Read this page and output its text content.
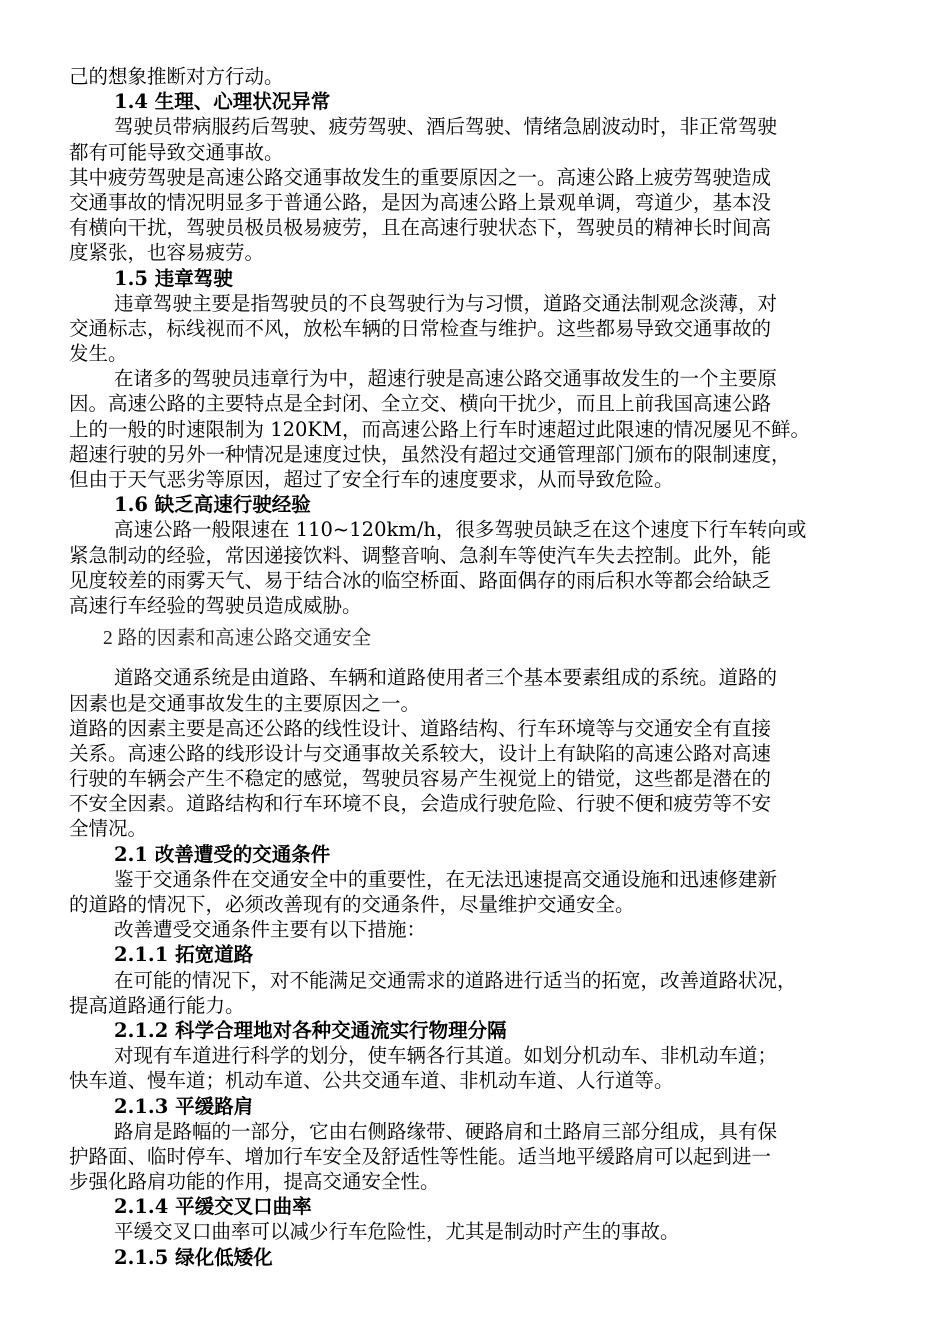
己的想象推断对方行动。
1.4 生理、心理状况异常
驾驶员带病服药后驾驶、疲劳驾驶、酒后驾驶、情绪急剧波动时，非正常驾驶
都有可能导致交通事故。
其中疲劳驾驶是高速公路交通事故发生的重要原因之一。高速公路上疲劳驾驶造成
交通事故的情况明显多于普通公路，是因为高速公路上景观单调，弯道少，基本没
有横向干扰，驾驶员极员极易疲劳，且在高速行驶状态下，驾驶员的精神长时间高
度紧张，也容易疲劳。
1.5 违章驾驶
违章驾驶主要是指驾驶员的不良驾驶行为与习惯，道路交通法制观念淡薄，对
交通标志，标线视而不风，放松车辆的日常检查与维护。这些都易导致交通事故的
发生。
在诸多的驾驶员违章行为中，超速行驶是高速公路交通事故发生的一个主要原
因。高速公路的主要特点是全封闭、全立交、横向干扰少，而且上前我国高速公路
上的一般的时速限制为 120KM，而高速公路上行车时速超过此限速的情况屡见不鲜。
超速行驶的另外一种情况是速度过快，虽然没有超过交通管理部门颁布的限制速度，
但由于天气恶劣等原因，超过了安全行车的速度要求，从而导致危险。
1.6 缺乏高速行驶经验
高速公路一般限速在 110~120km/h，很多驾驶员缺乏在这个速度下行车转向或
紧急制动的经验，常因递接饮料、调整音响、急刹车等使汽车失去控制。此外，能
见度较差的雨雾天气、易于结合冰的临空桥面、路面偶存的雨后积水等都会给缺乏
高速行车经验的驾驶员造成威胁。
2 路的因素和高速公路交通安全
道路交通系统是由道路、车辆和道路使用者三个基本要素组成的系统。道路的
因素也是交通事故发生的主要原因之一。
道路的因素主要是高还公路的线性设计、道路结构、行车环境等与交通安全有直接
关系。高速公路的线形设计与交通事故关系较大，设计上有缺陷的高速公路对高速
行驶的车辆会产生不稳定的感觉，驾驶员容易产生视觉上的错觉，这些都是潜在的
不安全因素。道路结构和行车环境不良，会造成行驶危险、行驶不便和疲劳等不安
全情况。
2.1 改善遭受的交通条件
鉴于交通条件在交通安全中的重要性，在无法迅速提高交通设施和迅速修建新
的道路的情况下，必须改善现有的交通条件，尽量维护交通安全。
改善遭受交通条件主要有以下措施：
2.1.1 拓宽道路
在可能的情况下，对不能满足交通需求的道路进行适当的拓宽，改善道路状况，
提高道路通行能力。
2.1.2 科学合理地对各种交通流实行物理分隔
对现有车道进行科学的划分，使车辆各行其道。如划分机动车、非机动车道；
快车道、慢车道；机动车道、公共交通车道、非机动车道、人行道等。
2.1.3 平缓路肩
路肩是路幅的一部分，它由右侧路缘带、硬路肩和土路肩三部分组成，具有保
护路面、临时停车、增加行车安全及舒适性等性能。适当地平缓路肩可以起到进一
步强化路肩功能的作用，提高交通安全性。
2.1.4 平缓交叉口曲率
平缓交叉口曲率可以减少行车危险性，尤其是制动时产生的事故。
2.1.5 绿化低矮化
